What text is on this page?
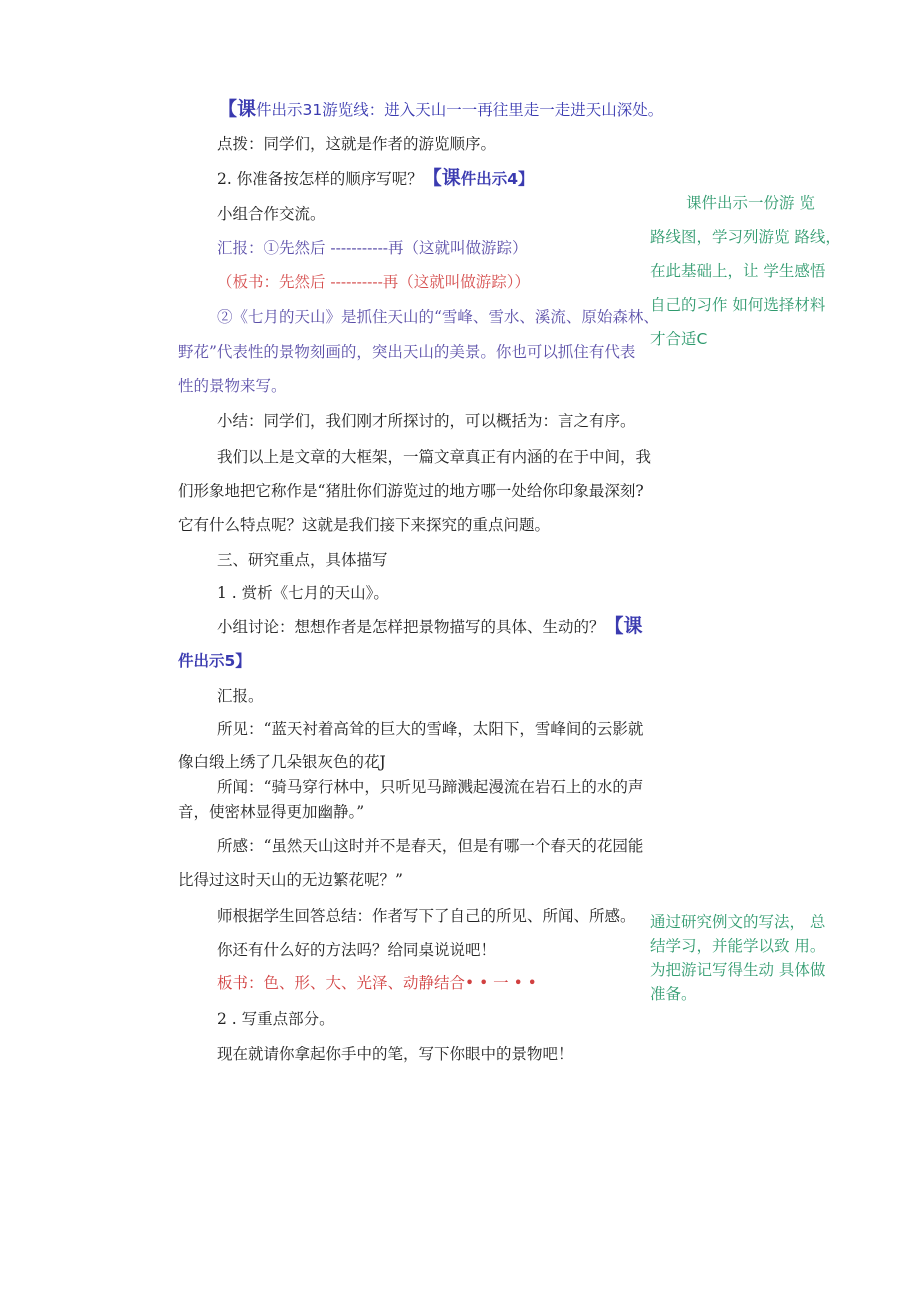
【课件出示31游览线：进入天山一一再往里走一走进天山深处。
点拨：同学们，这就是作者的游览顺序。
2. 你准备按怎样的顺序写呢？【课件出示4】
小组合作交流。
汇报：①先然后 -----------再（这就叫做游踪）
（板书：先然后 ----------再（这就叫做游踪））
②《七月的天山》是抓住天山的“雪峰、雪水、溪流、原始森林、
野花”代表性的景物刻画的，突出天山的美景。你也可以抓住有代表
性的景物来写。
小结：同学们，我们刚才所探讨的，可以概括为：言之有序。
我们以上是文章的大框架，一篇文章真正有内涵的在于中间，我
们形象地把它称作是“猪肚你们游览过的地方哪一处给你印象最深刻?
它有什么特点呢？这就是我们接下来探究的重点问题。
三、研究重点，具体描写
1 . 赏析《七月的天山》。
小组讨论：想想作者是怎样把景物描写的具体、生动的？【课
件出示5】
汇报。
所见：“蓝天衬着高耸的巨大的雪峰，太阳下，雪峰间的云影就
像白缎上绣了几朵银灰色的花J
所闻：“骑马穿行林中，只听见马蹄溅起漫流在岩石上的水的声
音，使密林显得更加幽静。”
所感：“虽然天山这时并不是春天，但是有哪一个春天的花园能
比得过这时天山的无边繁花呢？”
师根据学生回答总结：作者写下了自己的所见、所闻、所感。
你还有什么好的方法吗？给同桌说说吧！
板书：色、形、大、光泽、动静结合• • 一 • •
2 . 写重点部分。
现在就请你拿起你手中的笔，写下你眼中的景物吧！
课件出示一份游 览
路线图，学习列游览 路线，
在此基础上，让 学生感悟
自己的习作 如何选择材料
才合适C
通过研究例文的写法， 总
结学习，并能学以致 用。
为把游记写得生动 具体做
准备。
